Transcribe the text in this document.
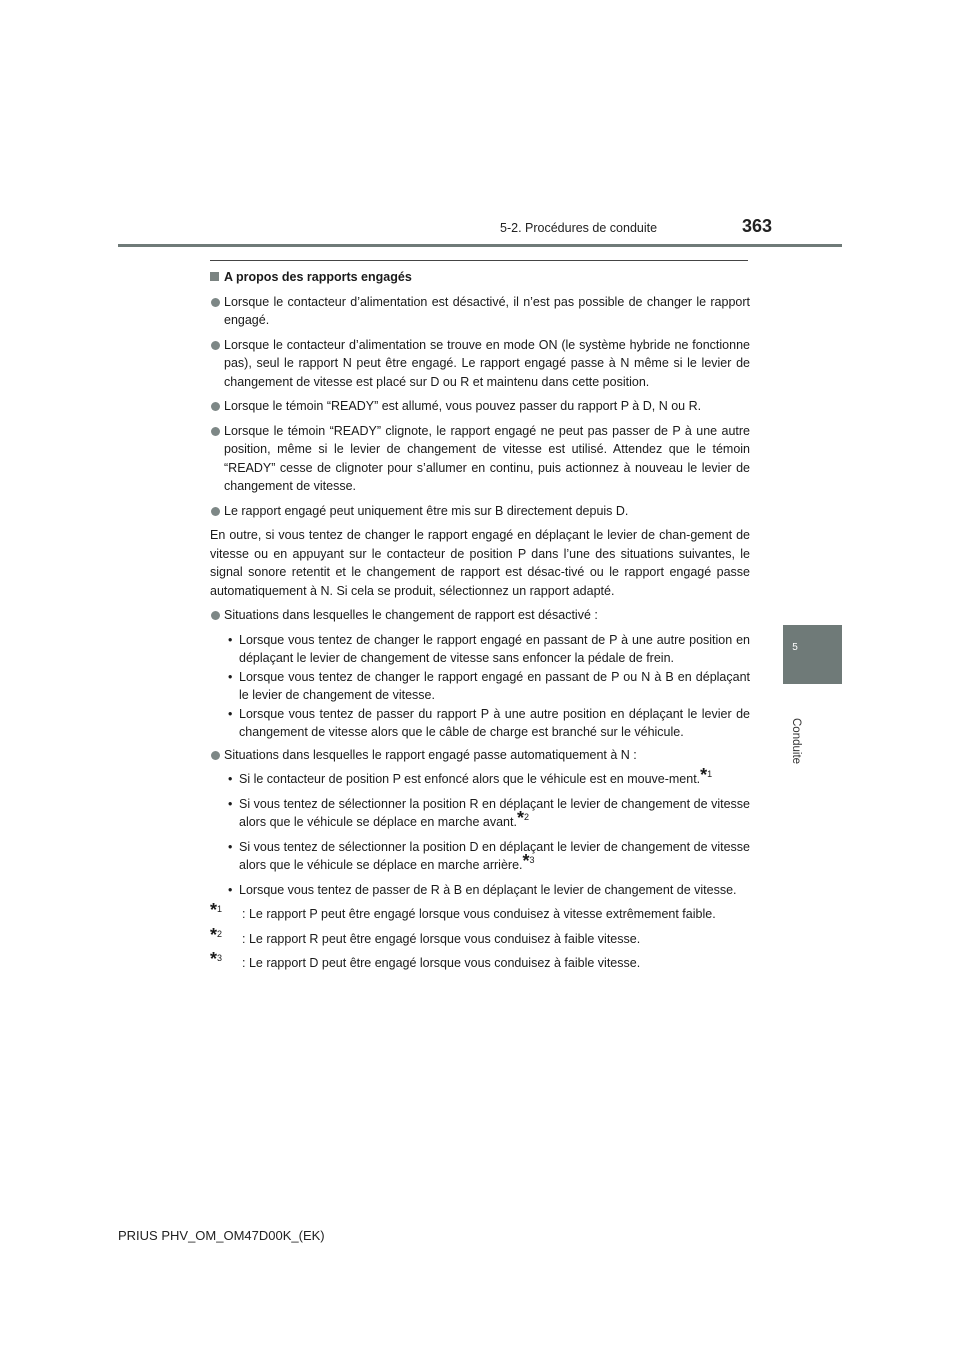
5-2. Procédures de conduite	363
5
Conduite

A propos des rapports engagés

Lorsque le contacteur d’alimentation est désactivé, il n’est pas possible de changer le rapport engagé.

Lorsque le contacteur d’alimentation se trouve en mode ON (le système hybride ne fonctionne pas), seul le rapport N peut être engagé. Le rapport engagé passe à N même si le levier de changement de vitesse est placé sur D ou R et maintenu dans cette position.

Lorsque le témoin “READY” est allumé, vous pouvez passer du rapport P à D, N ou R.

Lorsque le témoin “READY” clignote, le rapport engagé ne peut pas passer de P à une autre position, même si le levier de changement de vitesse est utilisé. Attendez que le témoin “READY” cesse de clignoter pour s’allumer en continu, puis actionnez à nouveau le levier de changement de vitesse.

Le rapport engagé peut uniquement être mis sur B directement depuis D.

En outre, si vous tentez de changer le rapport engagé en déplaçant le levier de chan-gement de vitesse ou en appuyant sur le contacteur de position P dans l’une des situations suivantes, le signal sonore retentit et le changement de rapport est désac-tivé ou le rapport engagé passe automatiquement à N. Si cela se produit, sélectionnez un rapport adapté.

Situations dans lesquelles le changement de rapport est désactivé :

• Lorsque vous tentez de changer le rapport engagé en passant de P à une autre position en déplaçant le levier de changement de vitesse sans enfoncer la pédale de frein.

• Lorsque vous tentez de changer le rapport engagé en passant de P ou N à B en déplaçant le levier de changement de vitesse.

• Lorsque vous tentez de passer du rapport P à une autre position en déplaçant le levier de changement de vitesse alors que le câble de charge est branché sur le véhicule.

Situations dans lesquelles le rapport engagé passe automatiquement à N :

• Si le contacteur de position P est enfoncé alors que le véhicule est en mouve-ment.$^{*1}$

• Si vous tentez de sélectionner la position R en déplaçant le levier de changement de vitesse alors que le véhicule se déplace en marche avant.$^{*2}$

• Si vous tentez de sélectionner la position D en déplaçant le levier de changement de vitesse alors que le véhicule se déplace en marche arrière.$^{*3}$

• Lorsque vous tentez de passer de R à B en déplaçant le levier de changement de vitesse.

$^{*1}$ : Le rapport P peut être engagé lorsque vous conduisez à vitesse extrêmement faible.

$^{*2}$ : Le rapport R peut être engagé lorsque vous conduisez à faible vitesse.

$^{*3}$ : Le rapport D peut être engagé lorsque vous conduisez à faible vitesse.

PRIUS PHV_OM_OM47D00K_(EK)
